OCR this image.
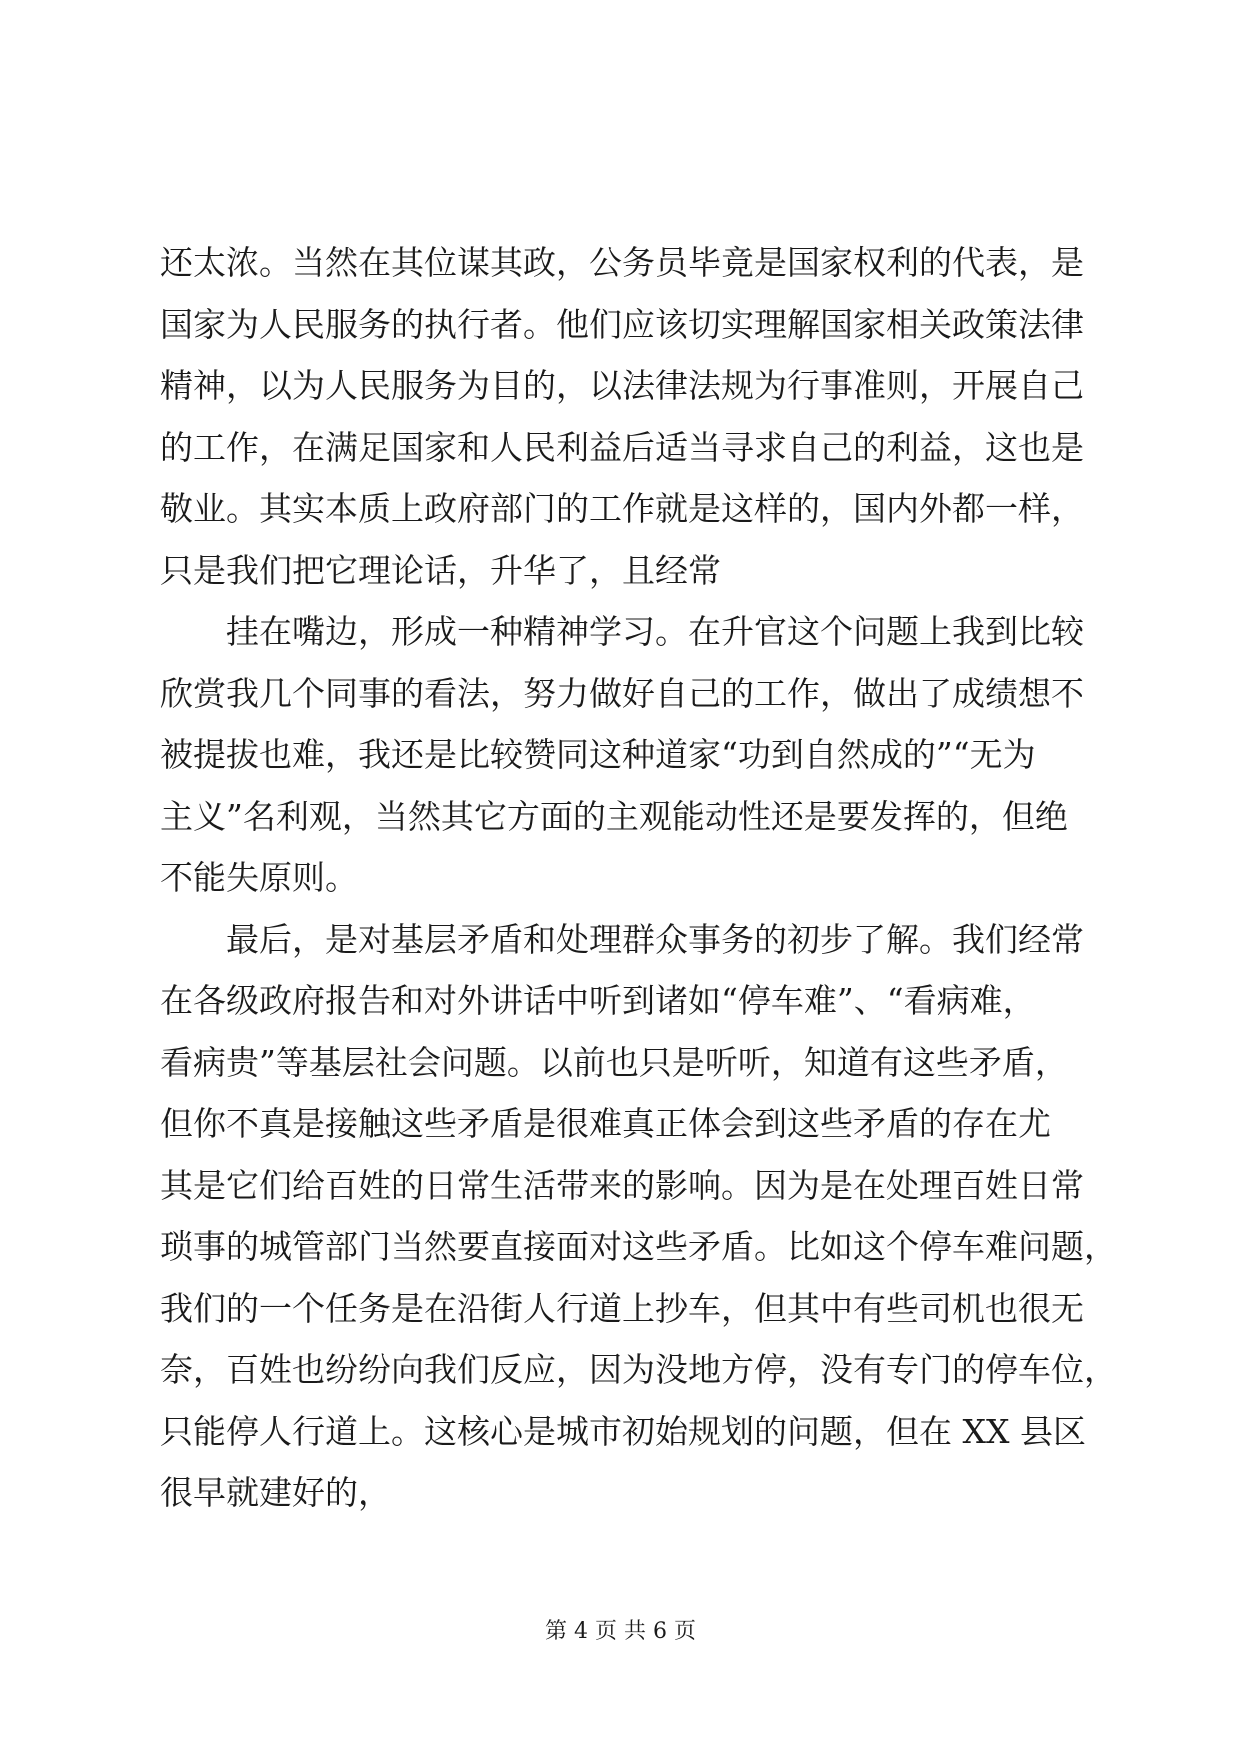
还太浓。当然在其位谋其政，公务员毕竟是国家权利的代表，是
国家为人民服务的执行者。他们应该切实理解国家相关政策法律
精神，以为人民服务为目的，以法律法规为行事准则，开展自己
的工作，在满足国家和人民利益后适当寻求自己的利益，这也是
敬业。其实本质上政府部门的工作就是这样的，国内外都一样，
只是我们把它理论话，升华了，且经常
　　挂在嘴边，形成一种精神学习。在升官这个问题上我到比较
欣赏我几个同事的看法，努力做好自己的工作，做出了成绩想不
被提拔也难，我还是比较赞同这种道家“功到自然成的”“无为
主义”名利观，当然其它方面的主观能动性还是要发挥的，但绝
不能失原则。
　　最后，是对基层矛盾和处理群众事务的初步了解。我们经常
在各级政府报告和对外讲话中听到诸如“停车难”、“看病难，
看病贵”等基层社会问题。以前也只是听听，知道有这些矛盾，
但你不真是接触这些矛盾是很难真正体会到这些矛盾的存在尤
其是它们给百姓的日常生活带来的影响。因为是在处理百姓日常
琐事的城管部门当然要直接面对这些矛盾。比如这个停车难问题，
我们的一个任务是在沿街人行道上抄车，但其中有些司机也很无
奈，百姓也纷纷向我们反应，因为没地方停，没有专门的停车位，
只能停人行道上。这核心是城市初始规划的问题，但在 XX 县区
很早就建好的，
第 4 页 共 6 页
